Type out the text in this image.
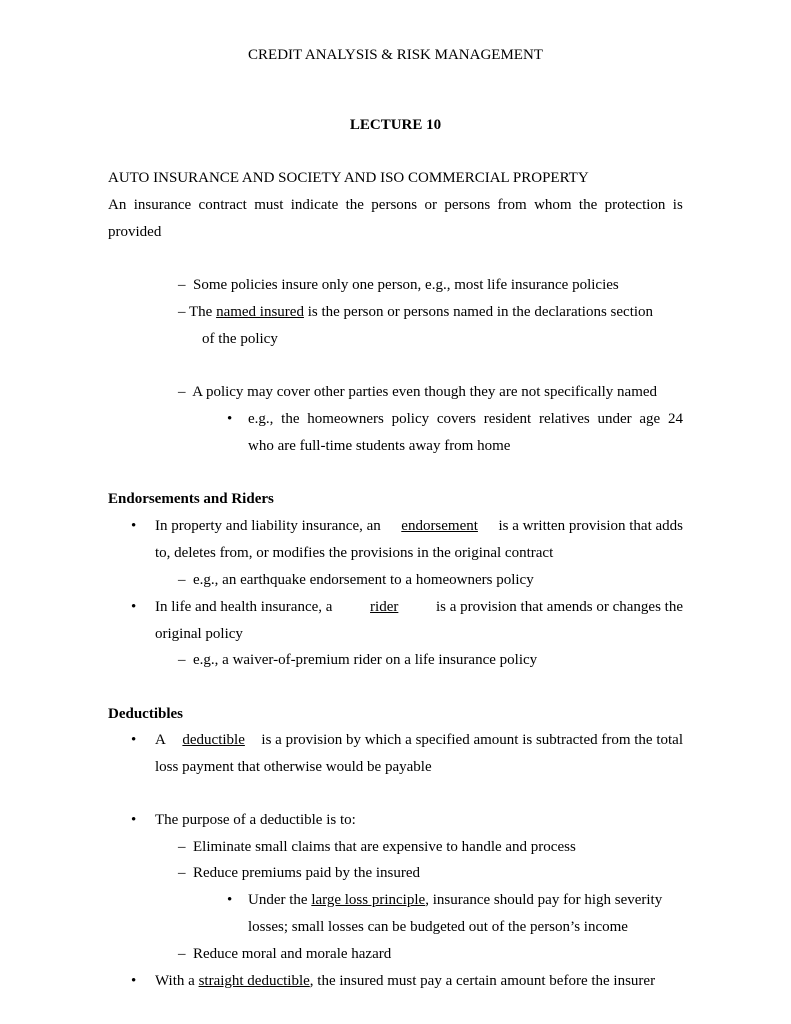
CREDIT ANALYSIS & RISK MANAGEMENT
LECTURE 10
AUTO INSURANCE AND SOCIETY AND ISO COMMERCIAL PROPERTY
An insurance contract must indicate the persons or persons from whom the protection is
provided
– Some policies insure only one person, e.g., most life insurance policies
– The named insured is the person or persons named in the declarations section
of the policy
– A policy may cover other parties even though they are not specifically named
• e.g., the homeowners policy covers resident relatives under age 24
who are full-time students away from home
Endorsements and Riders
• In property and liability insurance, an endorsement is a written provision that adds
to, deletes from, or modifies the provisions in the original contract
– e.g., an earthquake endorsement to a homeowners policy
• In life and health insurance, a	rider	is a provision that amends or changes the
original policy
– e.g., a waiver-of-premium rider on a life insurance policy
Deductibles
• A deductible is a provision by which a specified amount is subtracted from the total
loss payment that otherwise would be payable
• The purpose of a deductible is to:
– Eliminate small claims that are expensive to handle and process
– Reduce premiums paid by the insured
• Under the large loss principle, insurance should pay for high severity
losses; small losses can be budgeted out of the person’s income
– Reduce moral and morale hazard
• With a straight deductible, the insured must pay a certain amount before the insurer
